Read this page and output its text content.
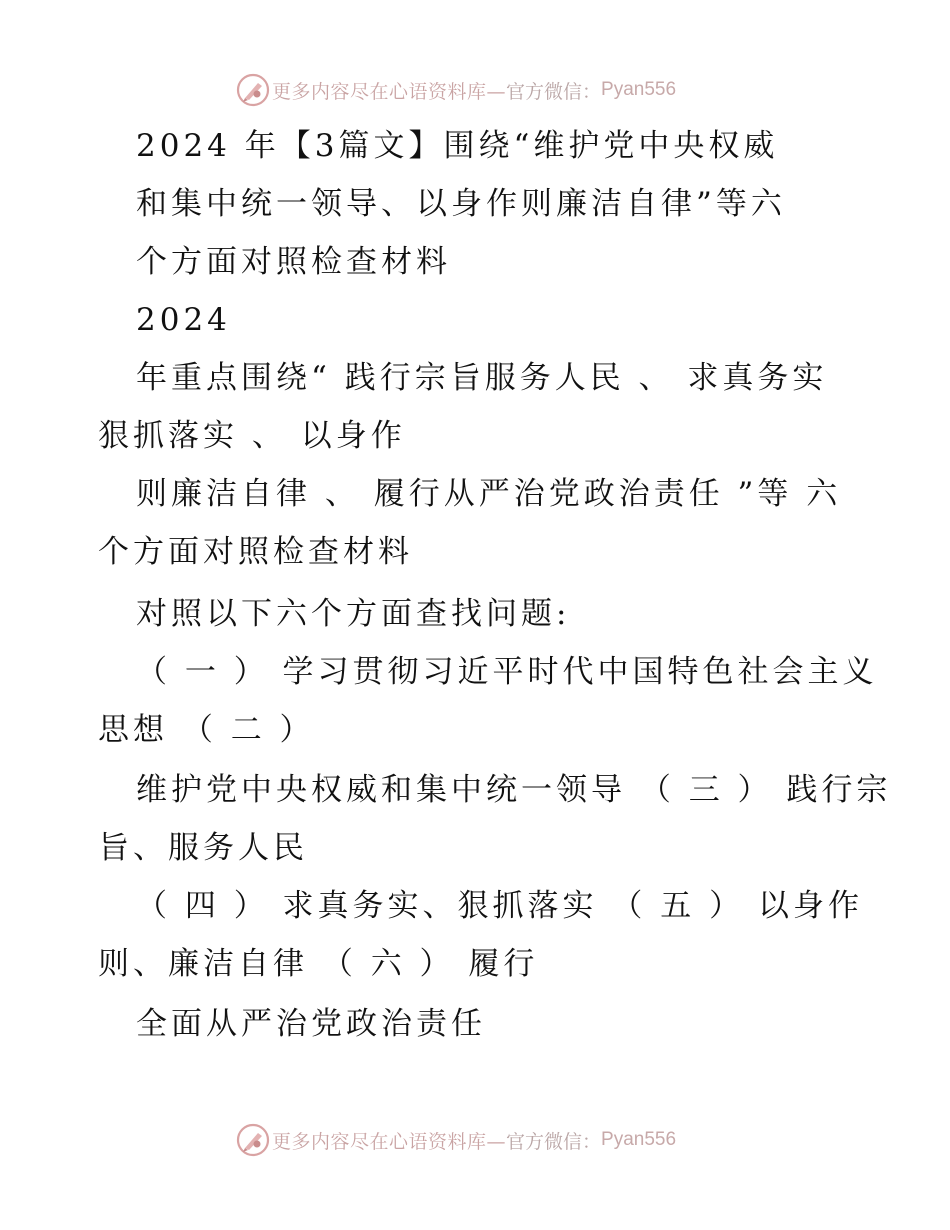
更多内容尽在心语资料库— 官方微信： Pyan556
2024 年【3篇文】围绕“维护党中央权威
和集中统一领导、以身作则廉洁自律”等六
个方面对照检查材料
2024
年重点围绕“ 践行宗旨服务人民 、 求真务实
狠抓落实 、 以身作
则廉洁自律 、 履行从严治党政治责任 ”等 六
个方面对照检查材料
对照以下六个方面查找问题:
（ 一 ） 学习贯彻习近平时代中国特色社会主义
思想 （ 二 ）
维护党中央权威和集中统一领导 （ 三 ） 践行宗
旨、服务人民
（ 四 ） 求真务实、狠抓落实 （ 五 ） 以身作
则、廉洁自律 （ 六 ） 履行
全面从严治党政治责任
更多内容尽在心语资料库— 官方微信： Pyan556
